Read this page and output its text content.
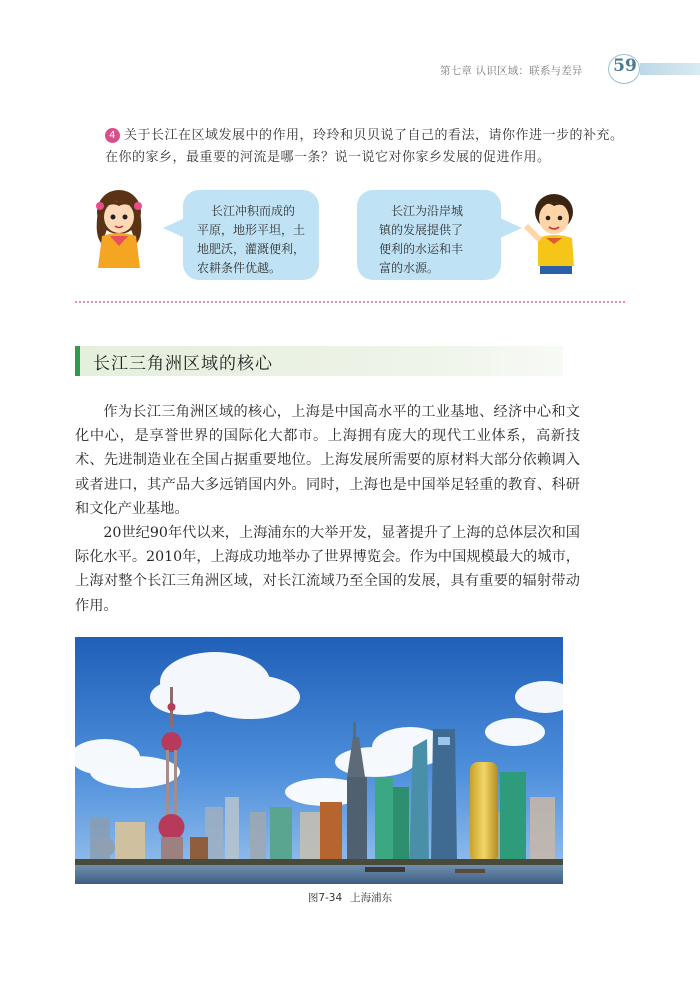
第七章 认识区域：联系与差异 59
4 关于长江在区域发展中的作用，玲玲和贝贝说了自己的看法，请你作进一步的补充。在你的家乡，最重要的河流是哪一条？说一说它对你家乡发展的促进作用。
长江冲积而成的
平原，地形平坦，土
地肥沃，灌溉便利，
农耕条件优越。
长江为沿岸城
镇的发展提供了
便利的水运和丰
富的水源。
长江三角洲区域的核心

作为长江三角洲区域的核心，上海是中国高水平的工业基地、经济中心和文化中心，是享誉世界的国际化大都市。上海拥有庞大的现代工业体系，高新技术、先进制造业在全国占据重要地位。上海发展所需要的原材料大部分依赖调入或者进口，其产品大多远销国内外。同时，上海也是中国举足轻重的教育、科研和文化产业基地。

20世纪90年代以来，上海浦东的大举开发，显著提升了上海的总体层次和国际化水平。2010年，上海成功地举办了世界博览会。作为中国规模最大的城市，上海对整个长江三角洲区域，对长江流域乃至全国的发展，具有重要的辐射带动作用。

图7-34 上海浦东
